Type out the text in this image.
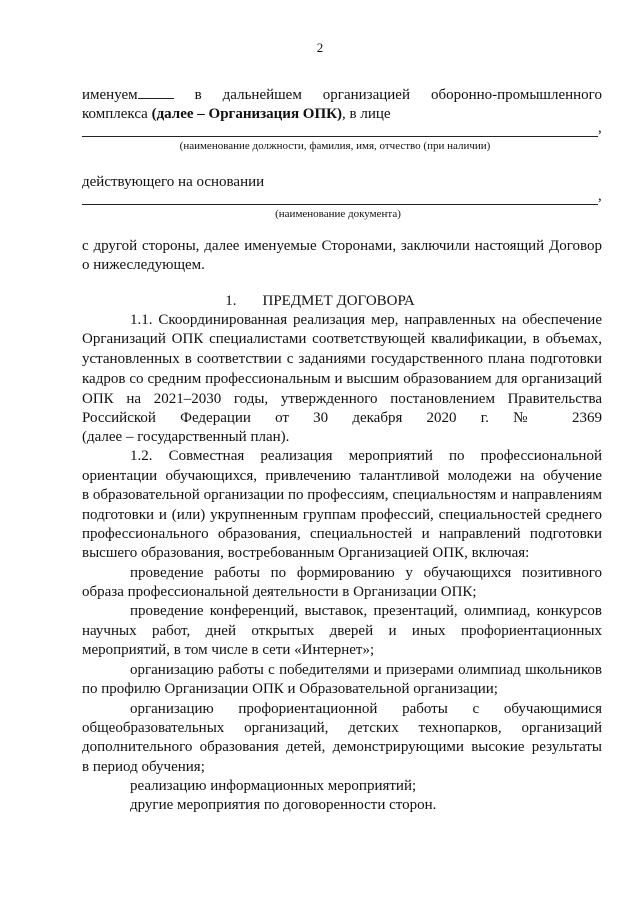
2
именуем	в дальнейшем организацией оборонно-промышленного
комплекса (далее – Организация ОПК), в лице
,
(наименование должности, фамилия, имя, отчество (при наличии)
действующего на основании
,
(наименование документа)
с другой стороны, далее именуемые Сторонами, заключили настоящий Договор
о нижеследующем.
1. ПРЕДМЕТ ДОГОВОРА
1.1. Скоординированная реализация мер, направленных на обеспечение
Организаций ОПК специалистами соответствующей квалификации, в объемах,
установленных в соответствии с заданиями государственного плана подготовки
кадров со средним профессиональным и высшим образованием для организаций
ОПК на 2021–2030 годы, утвержденного постановлением Правительства
Российской Федерации от 30 декабря 2020 г. № 2369
(далее – государственный план).
1.2. Совместная реализация мероприятий по профессиональной
ориентации обучающихся, привлечению талантливой молодежи на обучение
в образовательной организации по профессиям, специальностям и направлениям
подготовки и (или) укрупненным группам профессий, специальностей среднего
профессионального образования, специальностей и направлений подготовки
высшего образования, востребованным Организацией ОПК, включая:
проведение работы по формированию у обучающихся позитивного
образа профессиональной деятельности в Организации ОПК;
проведение конференций, выставок, презентаций, олимпиад, конкурсов
научных работ, дней открытых дверей и иных профориентационных
мероприятий, в том числе в сети «Интернет»;
организацию работы с победителями и призерами олимпиад школьников
по профилю Организации ОПК и Образовательной организации;
организацию профориентационной работы с обучающимися
общеобразовательных организаций, детских технопарков, организаций
дополнительного образования детей, демонстрирующими высокие результаты
в период обучения;
реализацию информационных мероприятий;
другие мероприятия по договоренности сторон.
